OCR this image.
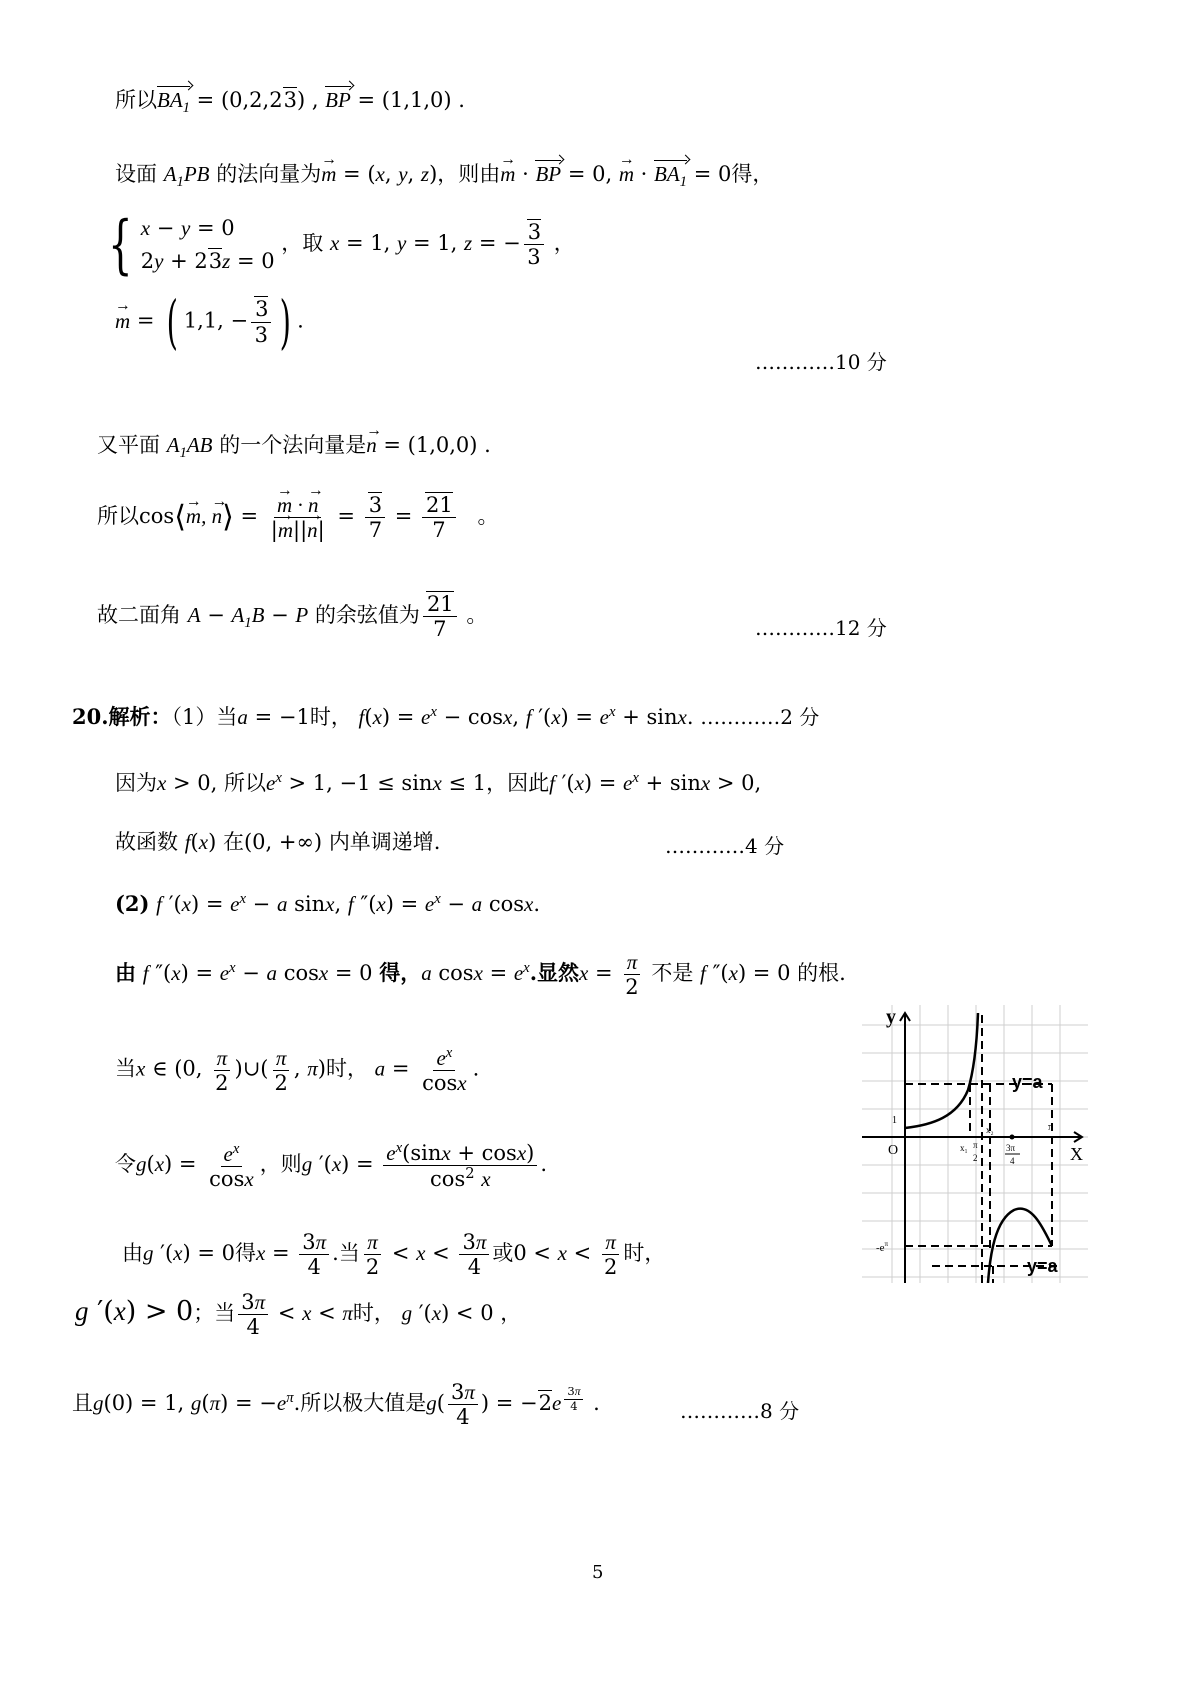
所以$BA_1 = (0,2,23)$ , BP = (1,1,0) .
设面 $A_1PB$ 的法向量为→ m = (x, y, z)，则由→ m · BP = 0, → $m \cdot BA_1 = 0$得，
{ x − y = 0
2y + 23z = 0
，取 x = 1, y = 1, z = − $\frac{3}{3}$ ，
→ m = ( 1,1, − $\frac{3}{3}$ ) .
…………10 分
又平面 $A_1AB$ 的一个法向量是→ n = (1,0,0) .
所以cos⟨→ m, → n⟩ =
→ $\frac{m \cdot \to n}{|\to m||\to n|} = \frac{3}{7} = \frac{21}{7}$ 。
故二面角 $A - A_1B - P$ 的余弦值为 $\frac{21}{7}$ 。
…………12 分
20.解析：（1）当a = −1时， $f(x) = e^x - \cos x$, f $'(x) = e^x + \sin x$. …………2 分
因为x > 0, 所以$e^x > 1$, −1 ≤ sinx ≤ 1，因此f $'(x) = e^x + \sin x > 0$,
故函数 f(x) 在(0, +∞) 内单调递增.	…………4 分
(2) f $'(x) = e^x - a$ sinx, f $''(x) = e^x - a$ cosx.
由 f $''(x) = e^x - a$ cosx = 0 得，a $\cos x = e^x$.显然$x = \frac{\pi}{2}$ 不是 f ″(x) = 0 的根.
当x ∈ (0, $\frac{\pi}{2}$ )∪( $\frac{\pi}{2}$ , π)时， $a = \frac{e^x}{\cos x}$ .
令$g(x) = \frac{e^x}{\cos x}$ ，则g $'(x) = \frac{e^x(\sin x + \cos x)}{\cos^2 x}$ .
由g ′(x) = 0得$x = \frac{3\pi}{4}$ .当 $\frac{\pi}{2} < x < \frac{3\pi}{4}$ 或$0 < x < \frac{\pi}{2}$ 时，
g ′(x) > 0；当 $\frac{3\pi}{4} < x < \pi$时， g ′(x) < 0 ，
且g(0) = 1, $g(\pi) = -e^\pi$.所以极大值是$g( \frac{3\pi}{4}$ ) = −2e $^{\frac{3\pi}{4}}$ .	…………8 分
y
X
O
1
$-e^\pi$
y=a
y=a
x₁
x₂
π
2
3π
4
π
5
